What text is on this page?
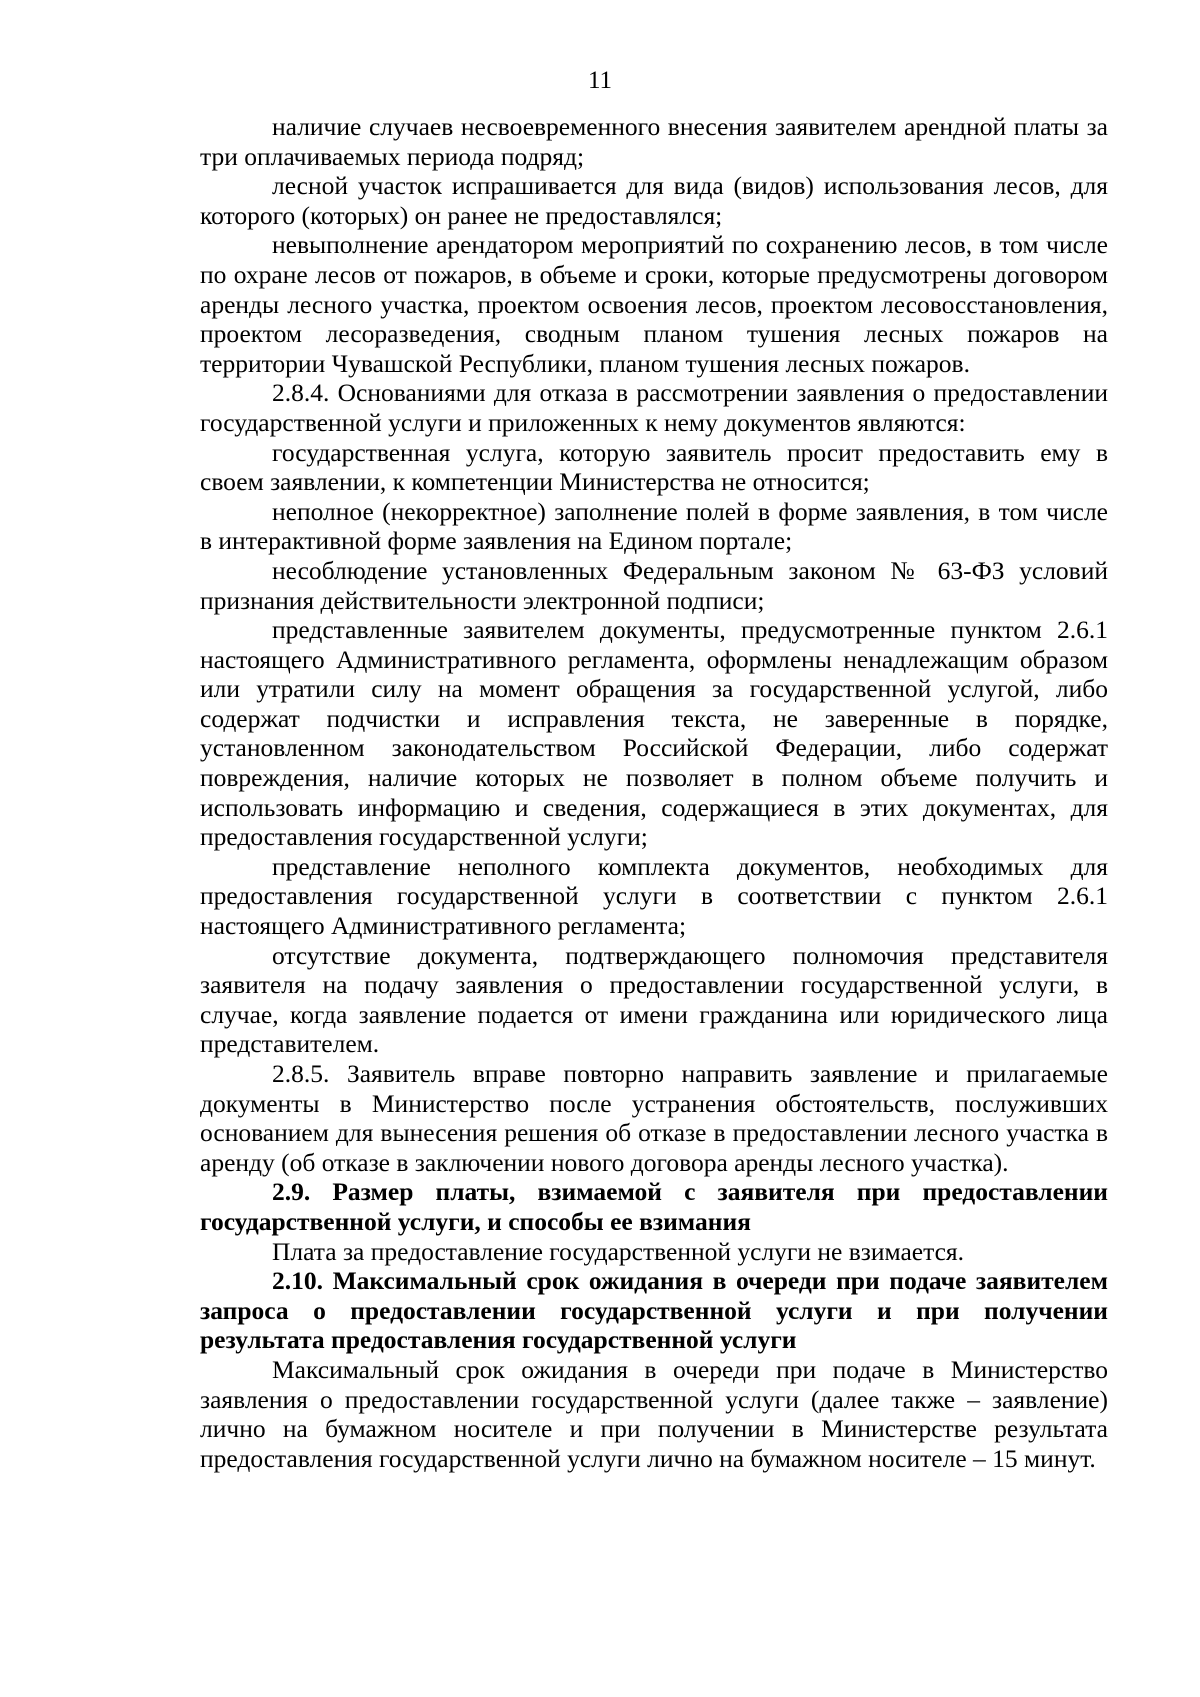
11

наличие случаев несвоевременного внесения заявителем арендной платы за три оплачиваемых периода подряд;

лесной участок испрашивается для вида (видов) использования лесов, для которого (которых) он ранее не предоставлялся;

невыполнение арендатором мероприятий по сохранению лесов, в том числе по охране лесов от пожаров, в объеме и сроки, которые предусмотрены договором аренды лесного участка, проектом освоения лесов, проектом лесовосстановления, проектом лесоразведения, сводным планом тушения лесных пожаров на территории Чувашской Республики, планом тушения лесных пожаров.

2.8.4. Основаниями для отказа в рассмотрении заявления о предоставлении государственной услуги и приложенных к нему документов являются:

государственная услуга, которую заявитель просит предоставить ему в своем заявлении, к компетенции Министерства не относится;

неполное (некорректное) заполнение полей в форме заявления, в том числе в интерактивной форме заявления на Едином портале;

несоблюдение установленных Федеральным законом № 63-ФЗ условий признания действительности электронной подписи;

представленные заявителем документы, предусмотренные пунктом 2.6.1 настоящего Административного регламента, оформлены ненадлежащим образом или утратили силу на момент обращения за государственной услугой, либо содержат подчистки и исправления текста, не заверенные в порядке, установленном законодательством Российской Федерации, либо содержат повреждения, наличие которых не позволяет в полном объеме получить и использовать информацию и сведения, содержащиеся в этих документах, для предоставления государственной услуги;

представление неполного комплекта документов, необходимых для предоставления государственной услуги в соответствии с пунктом 2.6.1 настоящего Административного регламента;

отсутствие документа, подтверждающего полномочия представителя заявителя на подачу заявления о предоставлении государственной услуги, в случае, когда заявление подается от имени гражданина или юридического лица представителем.

2.8.5. Заявитель вправе повторно направить заявление и прилагаемые документы в Министерство после устранения обстоятельств, послуживших основанием для вынесения решения об отказе в предоставлении лесного участка в аренду (об отказе в заключении нового договора аренды лесного участка).

2.9. Размер платы, взимаемой с заявителя при предоставлении государственной услуги, и способы ее взимания

Плата за предоставление государственной услуги не взимается.

2.10. Максимальный срок ожидания в очереди при подаче заявителем запроса о предоставлении государственной услуги и при получении результата предоставления государственной услуги

Максимальный срок ожидания в очереди при подаче в Министерство заявления о предоставлении государственной услуги (далее также – заявление) лично на бумажном носителе и при получении в Министерстве результата предоставления государственной услуги лично на бумажном носителе – 15 минут.
